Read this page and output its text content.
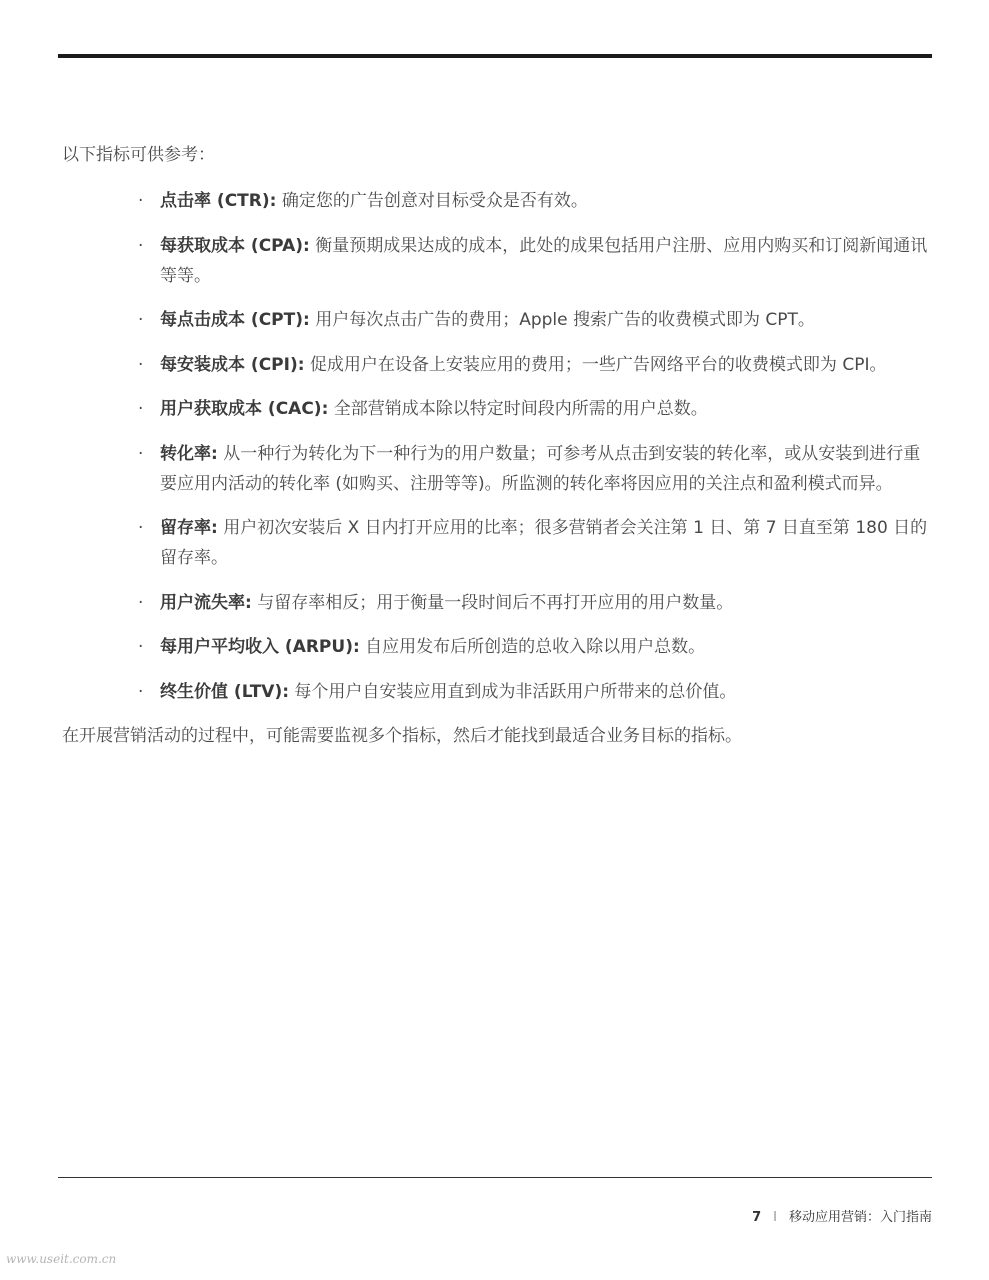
以下指标可供参考：

· 点击率 (CTR): 确定您的广告创意对目标受众是否有效。
· 每获取成本 (CPA): 衡量预期成果达成的成本，此处的成果包括用户注册、应用内购买和订阅新闻通讯等等。
· 每点击成本 (CPT): 用户每次点击广告的费用；Apple 搜索广告的收费模式即为 CPT。
· 每安装成本 (CPI): 促成用户在设备上安装应用的费用；一些广告网络平台的收费模式即为 CPI。
· 用户获取成本 (CAC): 全部营销成本除以特定时间段内所需的用户总数。
· 转化率: 从一种行为转化为下一种行为的用户数量；可参考从点击到安装的转化率，或从安装到进行重要应用内活动的转化率 (如购买、注册等等)。所监测的转化率将因应用的关注点和盈利模式而异。
· 留存率: 用户初次安装后 X 日内打开应用的比率；很多营销者会关注第 1 日、第 7 日直至第 180 日的留存率。
· 用户流失率: 与留存率相反；用于衡量一段时间后不再打开应用的用户数量。
· 每用户平均收入 (ARPU): 自应用发布后所创造的总收入除以用户总数。
· 终生价值 (LTV): 每个用户自安装应用直到成为非活跃用户所带来的总价值。

在开展营销活动的过程中，可能需要监视多个指标，然后才能找到最适合业务目标的指标。

7 I 移动应用营销：入门指南
www.useit.com.cn
